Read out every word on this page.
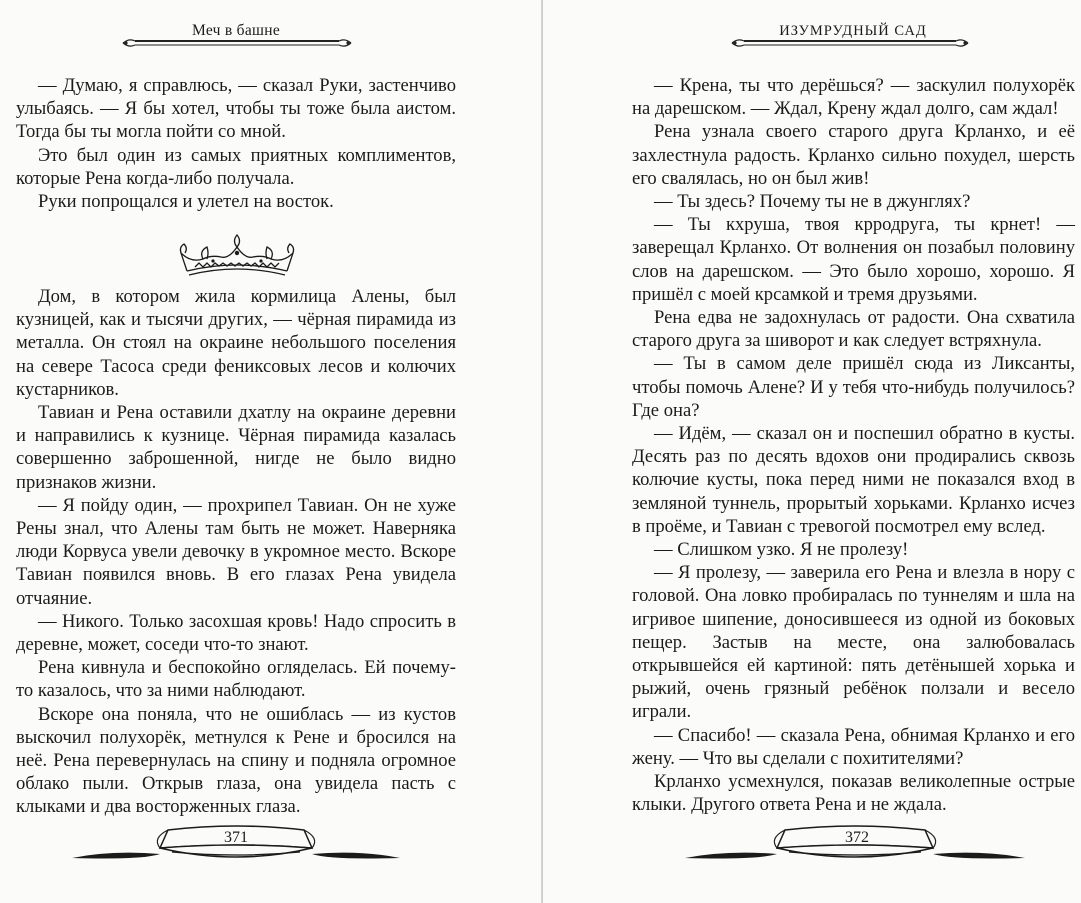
Меч в башне

— Думаю, я справлюсь, — сказал Руки, застенчиво улыбаясь. — Я бы хотел, чтобы ты тоже была аистом. Тогда бы ты могла пойти со мной.

Это был один из самых приятных комплиментов, которые Рена когда-либо получала.

Руки попрощался и улетел на восток.

Дом, в котором жила кормилица Алены, был кузницей, как и тысячи других, — чёрная пирамида из металла. Он стоял на окраине небольшого поселения на севере Тасоса среди фениксовых лесов и колючих кустарников.

Тавиан и Рена оставили дхатлу на окраине деревни и направились к кузнице. Чёрная пирамида казалась совершенно заброшенной, нигде не было видно признаков жизни.

— Я пойду один, — прохрипел Тавиан. Он не хуже Рены знал, что Алены там быть не может. Наверняка люди Корвуса увели девочку в укромное место. Вскоре Тавиан появился вновь. В его глазах Рена увидела отчаяние.

— Никого. Только засохшая кровь! Надо спросить в деревне, может, соседи что-то знают.

Рена кивнула и беспокойно огляделась. Ей почему-то казалось, что за ними наблюдают.

Вскоре она поняла, что не ошиблась — из кустов выскочил полухорёк, метнулся к Рене и бросился на неё. Рена перевернулась на спину и подняла огромное облако пыли. Открыв глаза, она увидела пасть с клыками и два восторженных глаза.

371
ИЗУМРУДНЫЙ САД

— Крена, ты что дерёшься? — заскулил полухорёк на дарешском. — Ждал, Крену ждал долго, сам ждал!

Рена узнала своего старого друга Крланхо, и её захлестнула радость. Крланхо сильно похудел, шерсть его свалялась, но он был жив!

— Ты здесь? Почему ты не в джунглях?

— Ты кхруша, твоя крродруга, ты крнет! — заверещал Крланхо. От волнения он позабыл половину слов на дарешском. — Это было хорошо, хорошо. Я пришёл с моей крсамкой и тремя друзьями.

Рена едва не задохнулась от радости. Она схватила старого друга за шиворот и как следует встряхнула.

— Ты в самом деле пришёл сюда из Ликсанты, чтобы помочь Алене? И у тебя что-нибудь получилось? Где она?

— Идём, — сказал он и поспешил обратно в кусты. Десять раз по десять вдохов они продирались сквозь колючие кусты, пока перед ними не показался вход в земляной туннель, прорытый хорьками. Крланхо исчез в проёме, и Тавиан с тревогой посмотрел ему вслед.

— Слишком узко. Я не пролезу!

— Я пролезу, — заверила его Рена и влезла в нору с головой. Она ловко пробиралась по туннелям и шла на игривое шипение, доносившееся из одной из боковых пещер. Застыв на месте, она залюбовалась открывшейся ей картиной: пять детёнышей хорька и рыжий, очень грязный ребёнок ползали и весело играли.

— Спасибо! — сказала Рена, обнимая Крланхо и его жену. — Что вы сделали с похитителями?

Крланхо усмехнулся, показав великолепные острые клыки. Другого ответа Рена и не ждала.

372
